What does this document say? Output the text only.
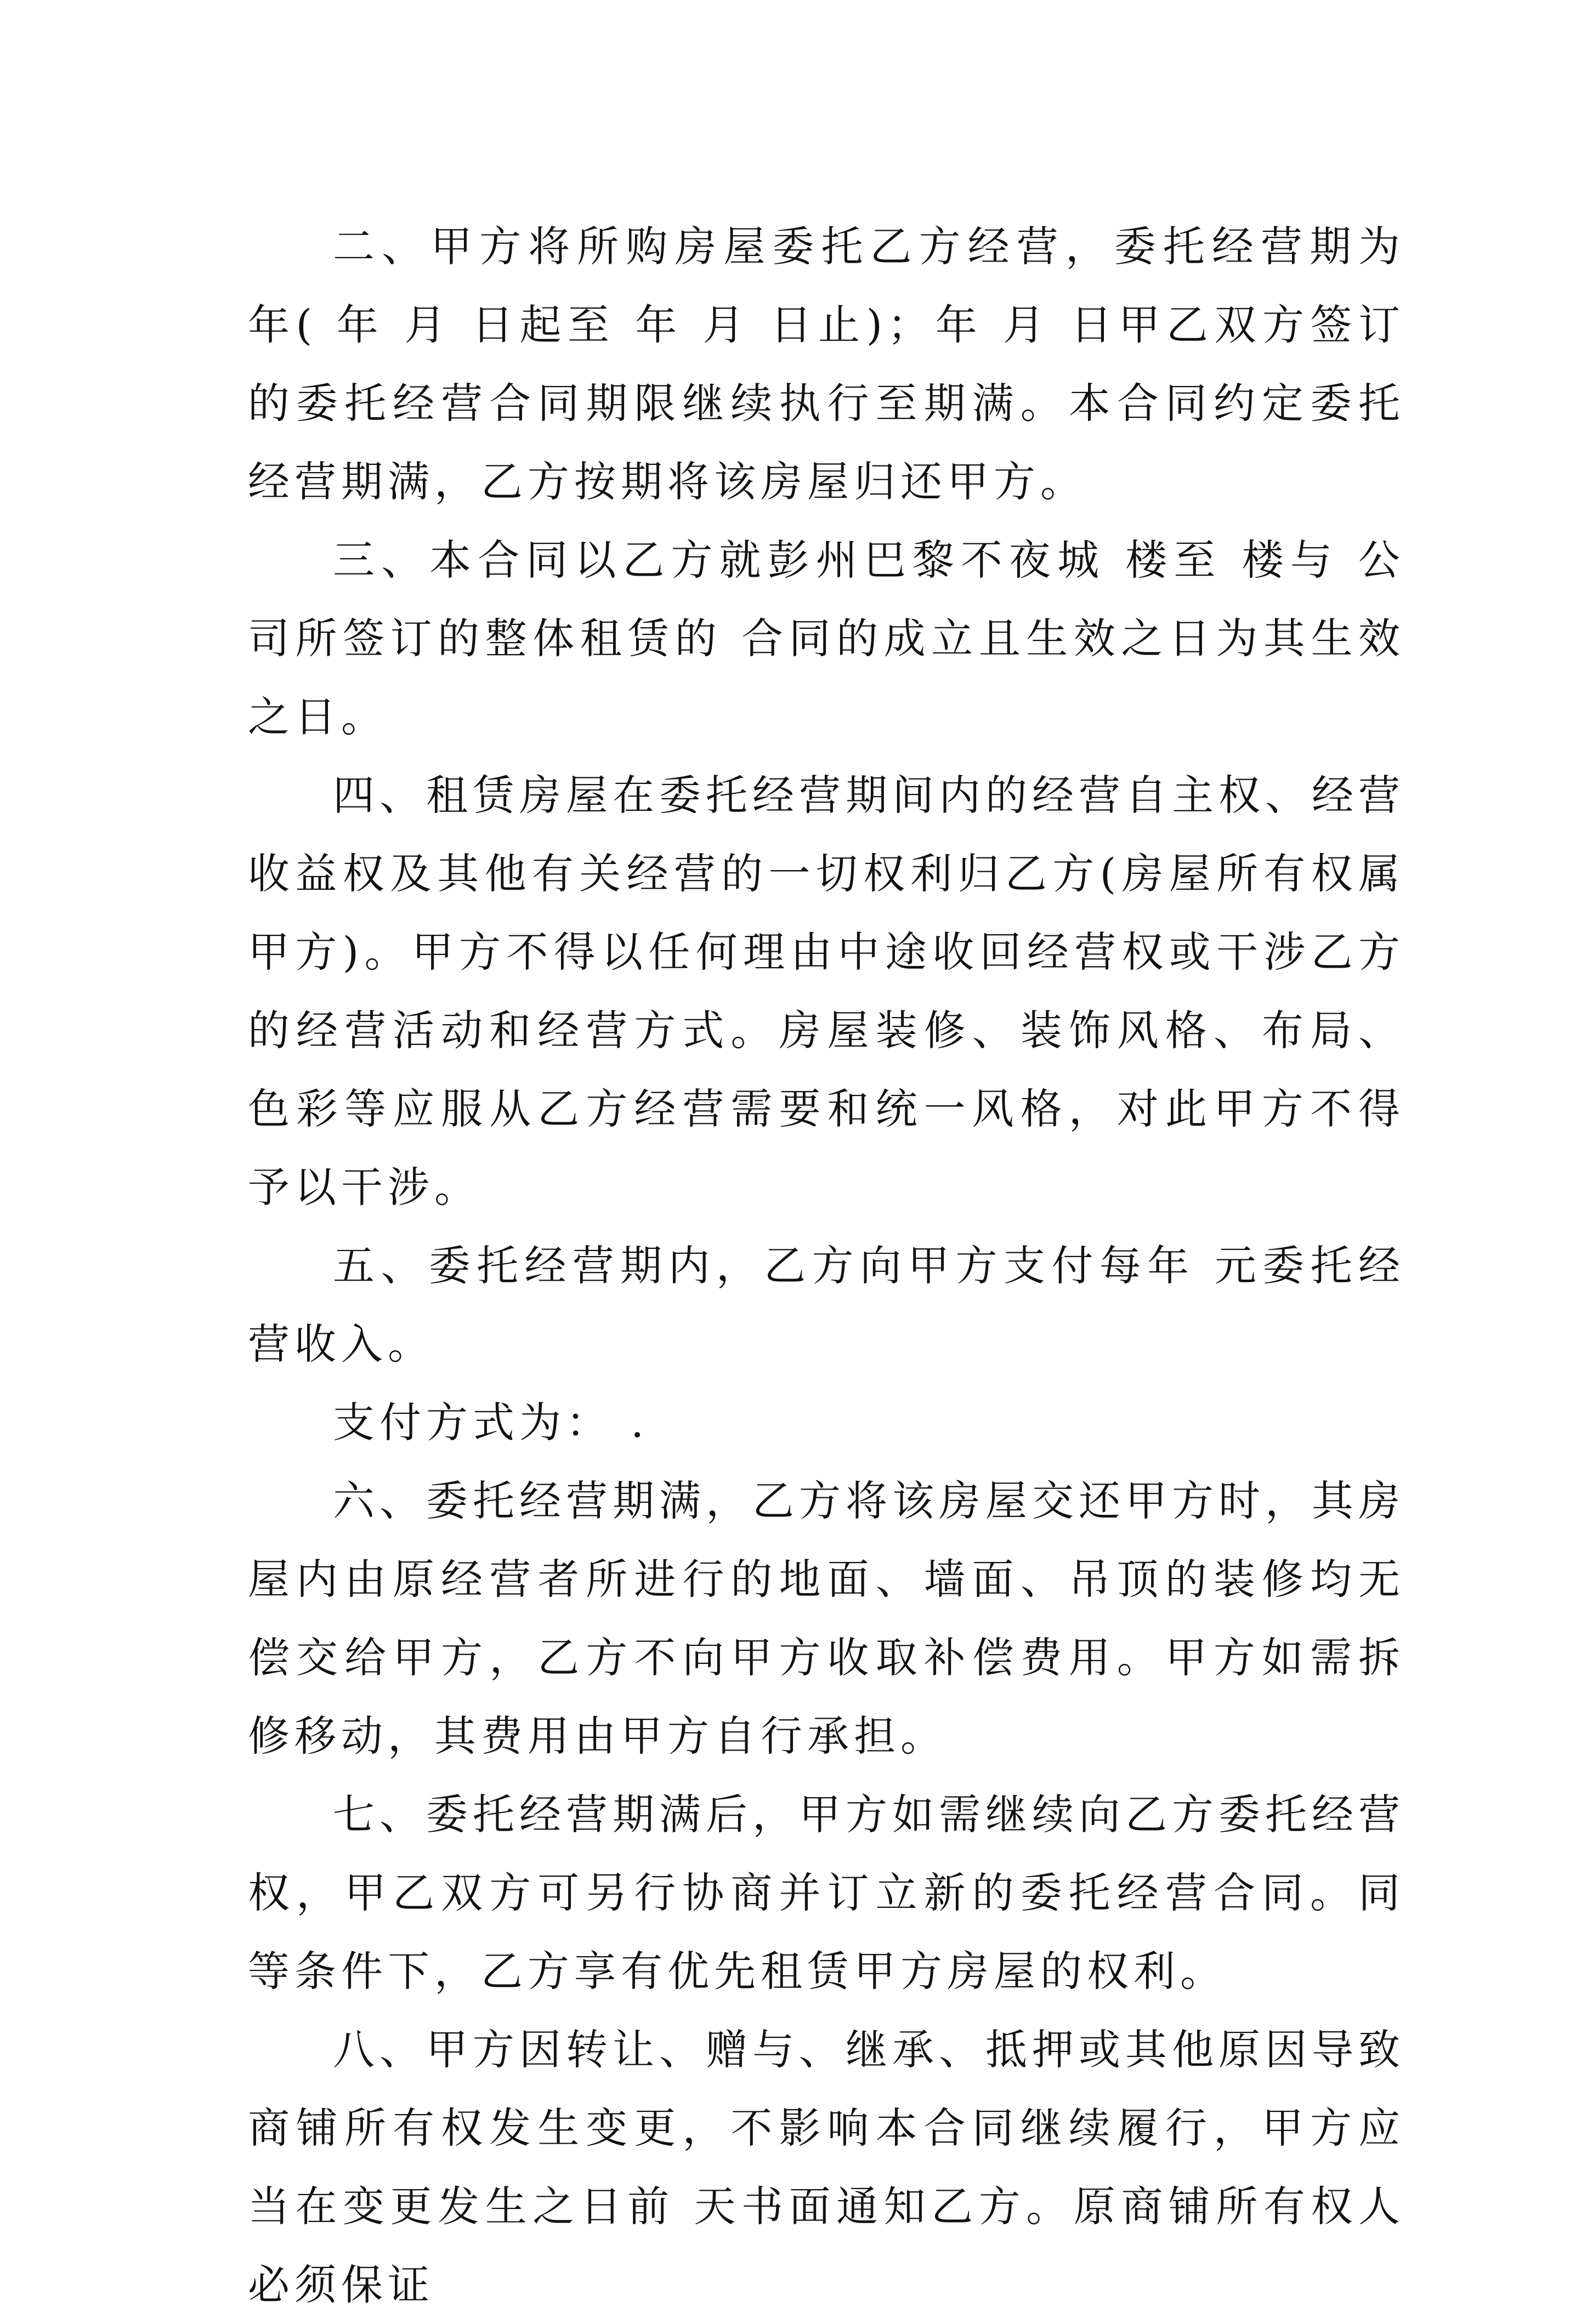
二、甲方将所购房屋委托乙方经营，委托经营期为 年( 年 月 日起至 年 月 日止)；年 月 日甲乙双方签订的委托经营合同期限继续执行至期满。本合同约定委托经营期满，乙方按期将该房屋归还甲方。

三、本合同以乙方就彭州巴黎不夜城 楼至 楼与 公司所签订的整体租赁的 合同的成立且生效之日为其生效之日。

四、租赁房屋在委托经营期间内的经营自主权、经营收益权及其他有关经营的一切权利归乙方(房屋所有权属甲方)。甲方不得以任何理由中途收回经营权或干涉乙方的经营活动和经营方式。房屋装修、装饰风格、布局、色彩等应服从乙方经营需要和统一风格，对此甲方不得予以干涉。

五、委托经营期内，乙方向甲方支付每年 元委托经营收入。

支付方式为： .

六、委托经营期满，乙方将该房屋交还甲方时，其房屋内由原经营者所进行的地面、墙面、吊顶的装修均无偿交给甲方，乙方不向甲方收取补偿费用。甲方如需拆修移动，其费用由甲方自行承担。

七、委托经营期满后，甲方如需继续向乙方委托经营权，甲乙双方可另行协商并订立新的委托经营合同。同等条件下，乙方享有优先租赁甲方房屋的权利。

八、甲方因转让、赠与、继承、抵押或其他原因导致商铺所有权发生变更，不影响本合同继续履行，甲方应当在变更发生之日前 天书面通知乙方。原商铺所有权人必须保证
